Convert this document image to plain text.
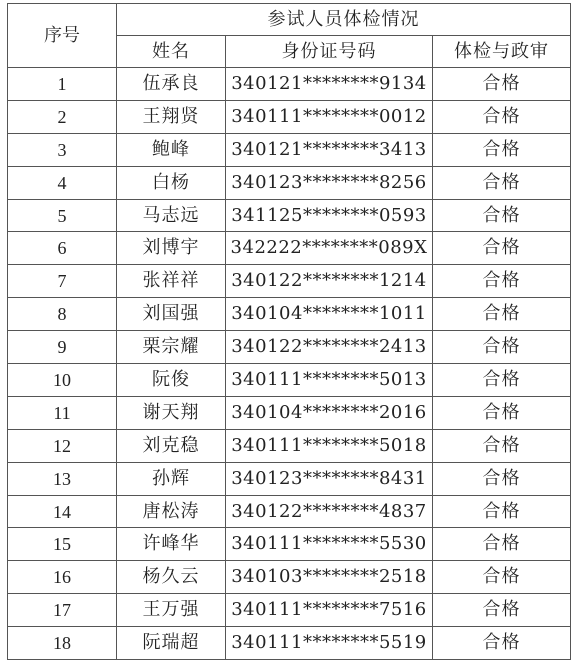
序号	参试人员体检情况		
	姓名	身份证号码	体检与政审
1	伍承良	340121********9134	合格
2	王翔贤	340111********0012	合格
3	鲍峰	340121********3413	合格
4	白杨	340123********8256	合格
5	马志远	341125********0593	合格
6	刘博宇	342222********089X	合格
7	张祥祥	340122********1214	合格
8	刘国强	340104********1011	合格
9	栗宗耀	340122********2413	合格
10	阮俊	340111********5013	合格
11	谢天翔	340104********2016	合格
12	刘克稳	340111********5018	合格
13	孙辉	340123********8431	合格
14	唐松涛	340122********4837	合格
15	许峰华	340111********5530	合格
16	杨久云	340103********2518	合格
17	王万强	340111********7516	合格
18	阮瑞超	340111********5519	合格
